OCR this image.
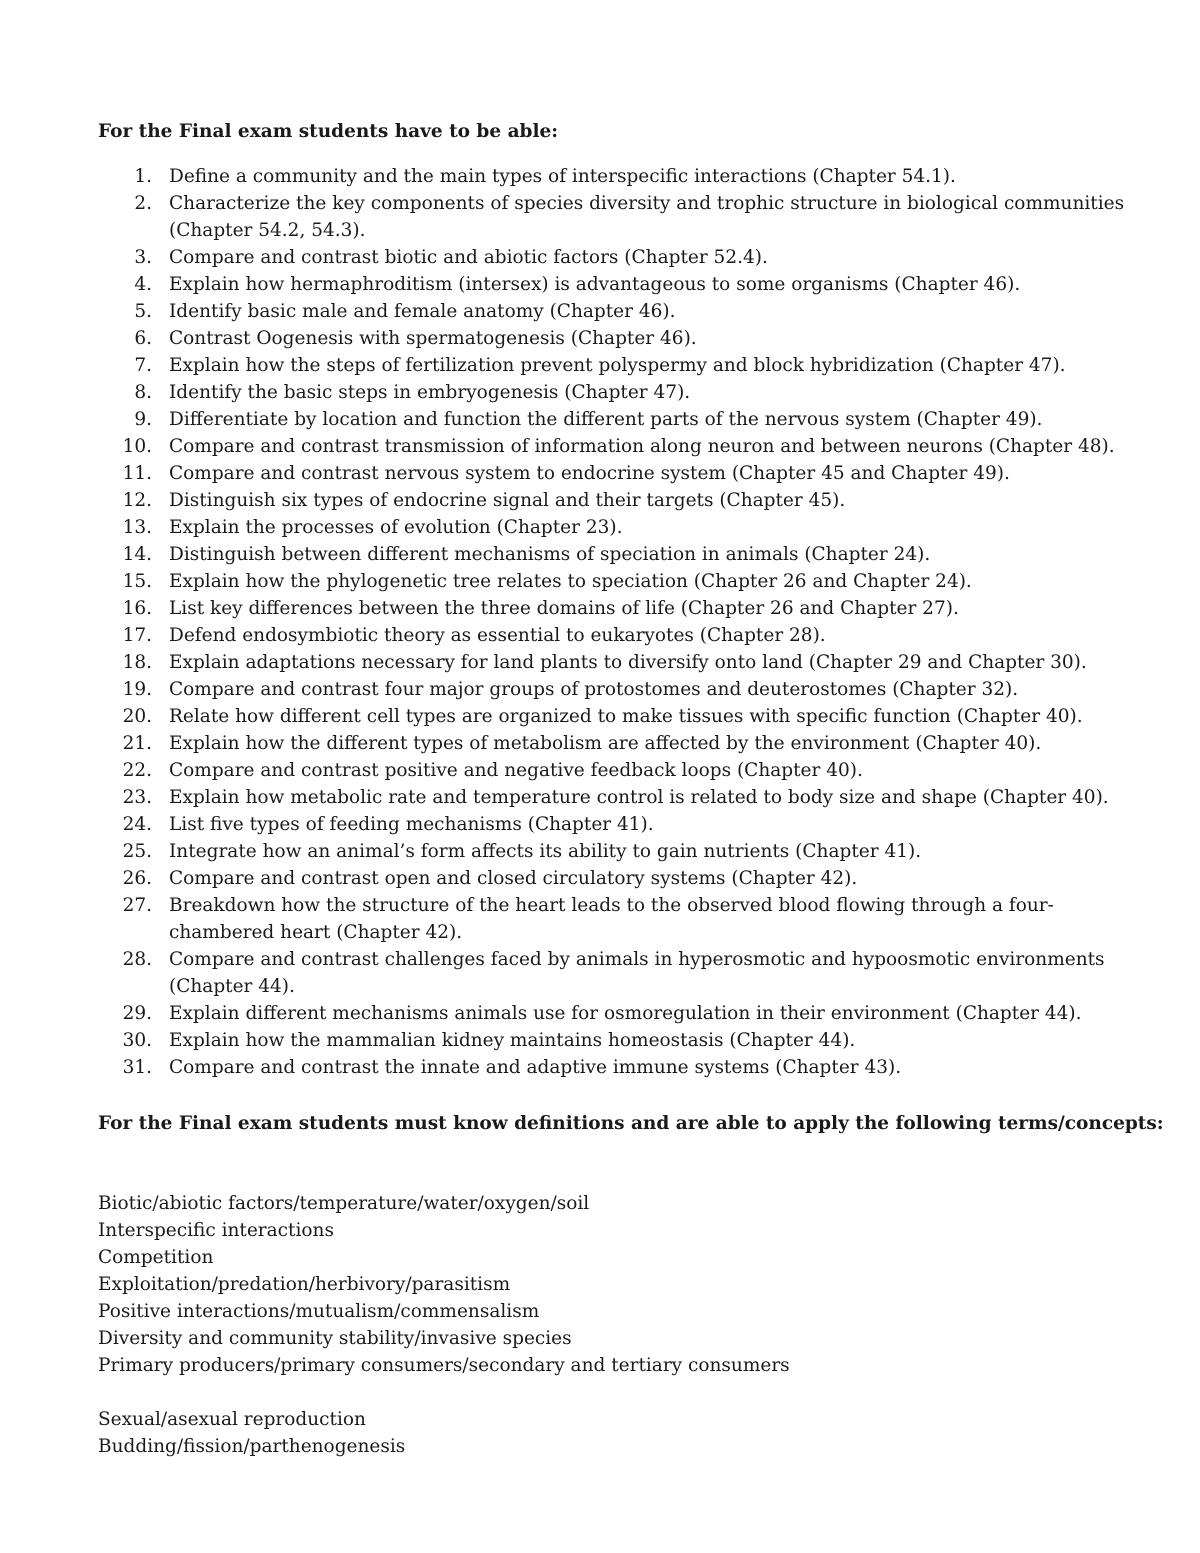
For the Final exam students have to be able:
1. Define a community and the main types of interspecific interactions (Chapter 54.1).
2. Characterize the key components of species diversity and trophic structure in biological communities (Chapter 54.2, 54.3).
3. Compare and contrast biotic and abiotic factors (Chapter 52.4).
4. Explain how hermaphroditism (intersex) is advantageous to some organisms (Chapter 46).
5. Identify basic male and female anatomy (Chapter 46).
6. Contrast Oogenesis with spermatogenesis (Chapter 46).
7. Explain how the steps of fertilization prevent polyspermy and block hybridization (Chapter 47).
8. Identify the basic steps in embryogenesis (Chapter 47).
9. Differentiate by location and function the different parts of the nervous system (Chapter 49).
10. Compare and contrast transmission of information along neuron and between neurons (Chapter 48).
11. Compare and contrast nervous system to endocrine system (Chapter 45 and Chapter 49).
12. Distinguish six types of endocrine signal and their targets (Chapter 45).
13. Explain the processes of evolution (Chapter 23).
14. Distinguish between different mechanisms of speciation in animals (Chapter 24).
15. Explain how the phylogenetic tree relates to speciation (Chapter 26 and Chapter 24).
16. List key differences between the three domains of life (Chapter 26 and Chapter 27).
17. Defend endosymbiotic theory as essential to eukaryotes (Chapter 28).
18. Explain adaptations necessary for land plants to diversify onto land (Chapter 29 and Chapter 30).
19. Compare and contrast four major groups of protostomes and deuterostomes (Chapter 32).
20. Relate how different cell types are organized to make tissues with specific function (Chapter 40).
21. Explain how the different types of metabolism are affected by the environment (Chapter 40).
22. Compare and contrast positive and negative feedback loops (Chapter 40).
23. Explain how metabolic rate and temperature control is related to body size and shape (Chapter 40).
24. List five types of feeding mechanisms (Chapter 41).
25. Integrate how an animal’s form affects its ability to gain nutrients (Chapter 41).
26. Compare and contrast open and closed circulatory systems (Chapter 42).
27. Breakdown how the structure of the heart leads to the observed blood flowing through a four-chambered heart (Chapter 42).
28. Compare and contrast challenges faced by animals in hyperosmotic and hypoosmotic environments (Chapter 44).
29. Explain different mechanisms animals use for osmoregulation in their environment (Chapter 44).
30. Explain how the mammalian kidney maintains homeostasis (Chapter 44).
31. Compare and contrast the innate and adaptive immune systems (Chapter 43).
For the Final exam students must know definitions and are able to apply the following terms/concepts:
Biotic/abiotic factors/temperature/water/oxygen/soil
Interspecific interactions
Competition
Exploitation/predation/herbivory/parasitism
Positive interactions/mutualism/commensalism
Diversity and community stability/invasive species
Primary producers/primary consumers/secondary and tertiary consumers
Sexual/asexual reproduction
Budding/fission/parthenogenesis
